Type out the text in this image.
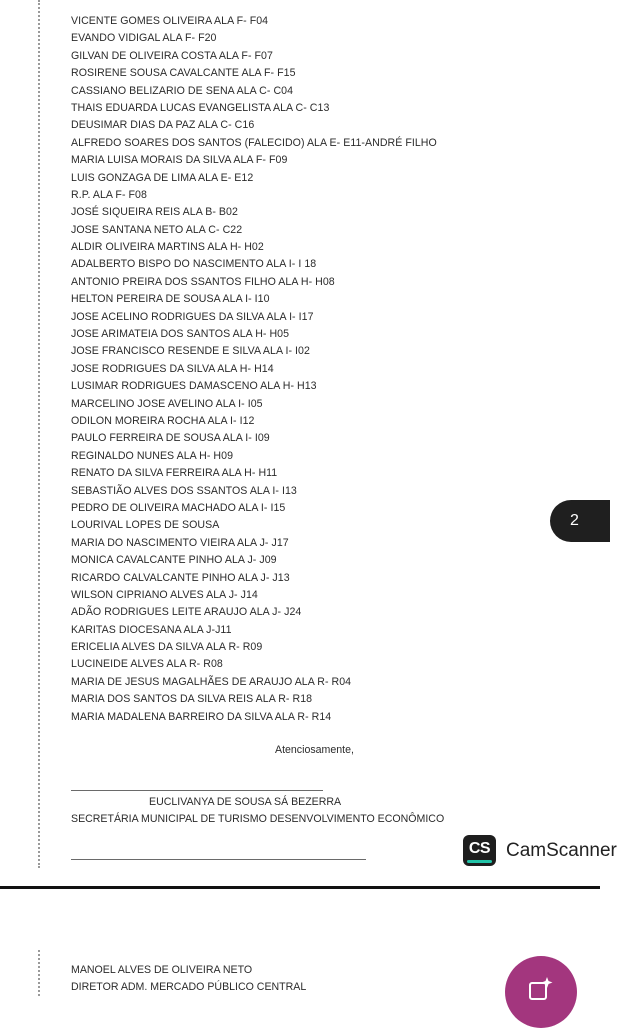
VICENTE GOMES OLIVEIRA ALA F- F04
EVANDO VIDIGAL ALA F- F20
GILVAN DE OLIVEIRA COSTA ALA F- F07
ROSIRENE SOUSA CAVALCANTE ALA F- F15
CASSIANO BELIZARIO DE SENA ALA C- C04
THAIS EDUARDA LUCAS EVANGELISTA ALA C- C13
DEUSIMAR DIAS DA PAZ ALA C- C16
ALFREDO SOARES DOS SANTOS (FALECIDO) ALA E- E11-ANDRÉ FILHO
MARIA LUISA MORAIS DA SILVA ALA F- F09
LUIS GONZAGA DE LIMA ALA E- E12
R.P. ALA F- F08
JOSÉ SIQUEIRA REIS ALA B- B02
JOSE SANTANA NETO ALA C- C22
ALDIR OLIVEIRA MARTINS ALA H- H02
ADALBERTO BISPO DO NASCIMENTO ALA I- I 18
ANTONIO PREIRA DOS SSANTOS FILHO ALA H- H08
HELTON PEREIRA DE SOUSA ALA I- I10
JOSE ACELINO RODRIGUES DA SILVA ALA I- I17
JOSE ARIMATEIA DOS SANTOS ALA H- H05
JOSE FRANCISCO RESENDE E SILVA ALA I- I02
JOSE RODRIGUES DA SILVA ALA H- H14
LUSIMAR RODRIGUES DAMASCENO ALA H- H13
MARCELINO JOSE AVELINO ALA I- I05
ODILON MOREIRA ROCHA ALA I- I12
PAULO FERREIRA DE SOUSA ALA I- I09
REGINALDO NUNES ALA H- H09
RENATO DA SILVA FERREIRA ALA H- H11
SEBASTIÃO ALVES DOS SSANTOS ALA I- I13
PEDRO DE OLIVEIRA MACHADO ALA I- I15
LOURIVAL LOPES DE SOUSA
MARIA DO NASCIMENTO VIEIRA ALA J- J17
MONICA CAVALCANTE PINHO ALA J- J09
RICARDO CALVALCANTE PINHO ALA J- J13
WILSON CIPRIANO ALVES ALA J- J14
ADÃO RODRIGUES LEITE ARAUJO ALA J- J24
KARITAS DIOCESANA ALA J-J11
ERICELIA ALVES DA SILVA ALA R- R09
LUCINEIDE ALVES ALA R- R08
MARIA DE JESUS MAGALHÃES DE ARAUJO ALA R- R04
MARIA DOS SANTOS DA SILVA REIS ALA R- R18
MARIA MADALENA BARREIRO DA SILVA ALA R- R14
Atenciosamente,
EUCLIVANYA DE SOUSA SÁ BEZERRA
SECRETÁRIA MUNICIPAL DE TURISMO DESENVOLVIMENTO ECONÔMICO
MANOEL ALVES DE OLIVEIRA NETO
DIRETOR ADM. MERCADO PÚBLICO CENTRAL
2
CS CamScanner
